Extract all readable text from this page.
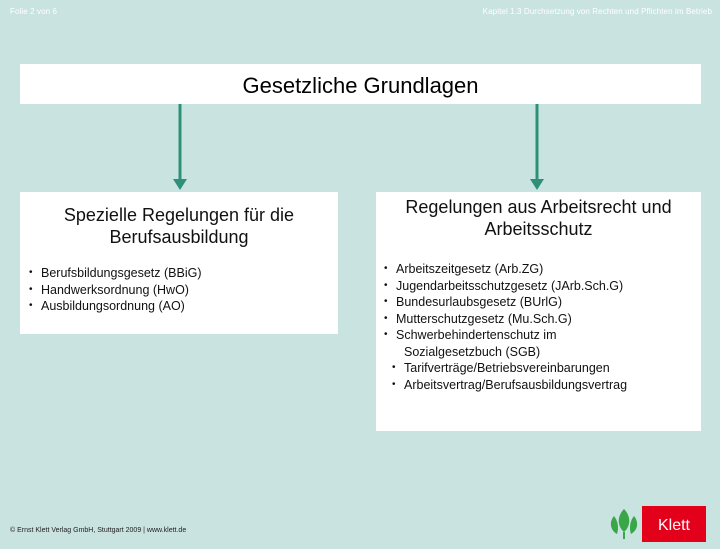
Folie 2 von 6	Kapitel 1.3 Durchsetzung von Rechten und Pflichten im Betrieb
Gesetzliche Grundlagen

Spezielle Regelungen für die Berufsausbildung

• Berufsbildungsgesetz (BBiG)
• Handwerksordnung (HwO)
• Ausbildungsordnung (AO)

Regelungen aus Arbeitsrecht und Arbeitsschutz

• Arbeitszeitgesetz (Arb.ZG)
• Jugendarbeitsschutzgesetz (JArb.Sch.G)
• Bundesurlaubsgesetz (BUrlG)
• Mutterschutzgesetz (Mu.Sch.G)
• Schwerbehindertenschutz im
Sozialgesetzbuch (SGB)
• Tarifverträge/Betriebsvereinbarungen
• Arbeitsvertrag/Berufsausbildungsvertrag
© Ernst Klett Verlag GmbH, Stuttgart 2009 | www.klett.de	Klett
